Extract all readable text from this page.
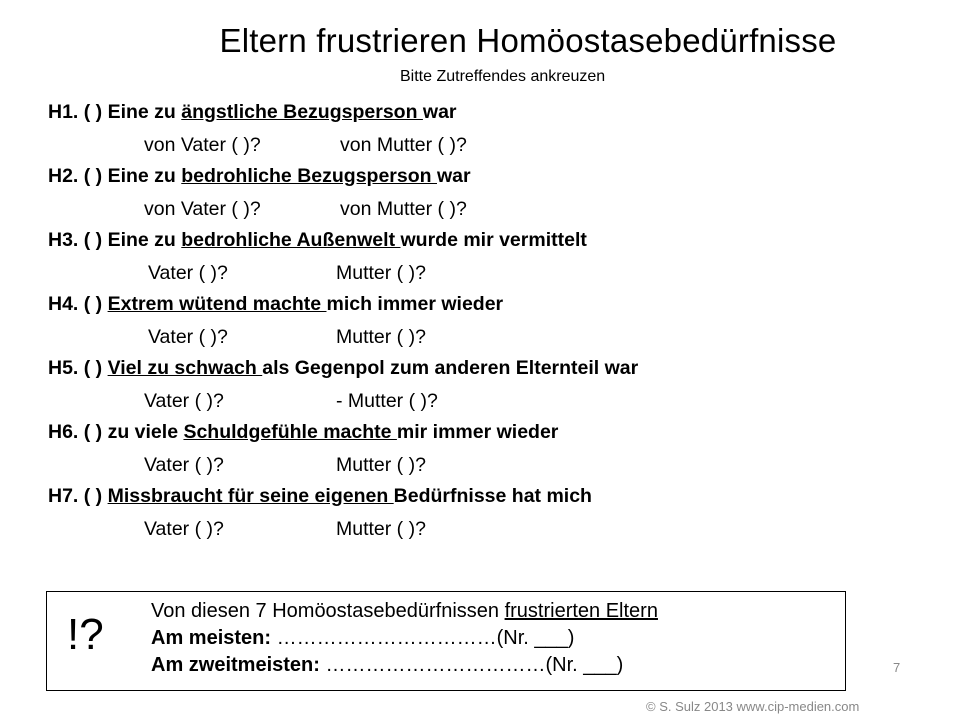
Eltern frustrieren Homöostasebedürfnisse
Bitte Zutreffendes ankreuzen
H1. ( ) Eine zu ängstliche Bezugsperson war
von Vater ( )?	von Mutter ( )?
H2. ( ) Eine zu bedrohliche Bezugsperson war
von Vater ( )?	von Mutter ( )?
H3. ( ) Eine zu bedrohliche Außenwelt wurde mir vermittelt
Vater ( )?	Mutter ( )?
H4. ( ) Extrem wütend machte mich immer wieder
Vater ( )?	Mutter ( )?
H5. ( ) Viel zu schwach als Gegenpol zum anderen Elternteil war
Vater ( )?	- Mutter ( )?
H6. ( ) zu viele Schuldgefühle machte mir immer wieder
Vater ( )?	Mutter ( )?
H7. ( ) Missbraucht für seine eigenen Bedürfnisse hat mich
Vater ( )?	Mutter ( )?
!? Von diesen 7 Homöostasebedürfnissen frustrierten Eltern
Am meisten: ……………………………(Nr. ___)
Am zweitmeisten: ……………………………(Nr. ___)	7
© S. Sulz 2013 www.cip-medien.com
